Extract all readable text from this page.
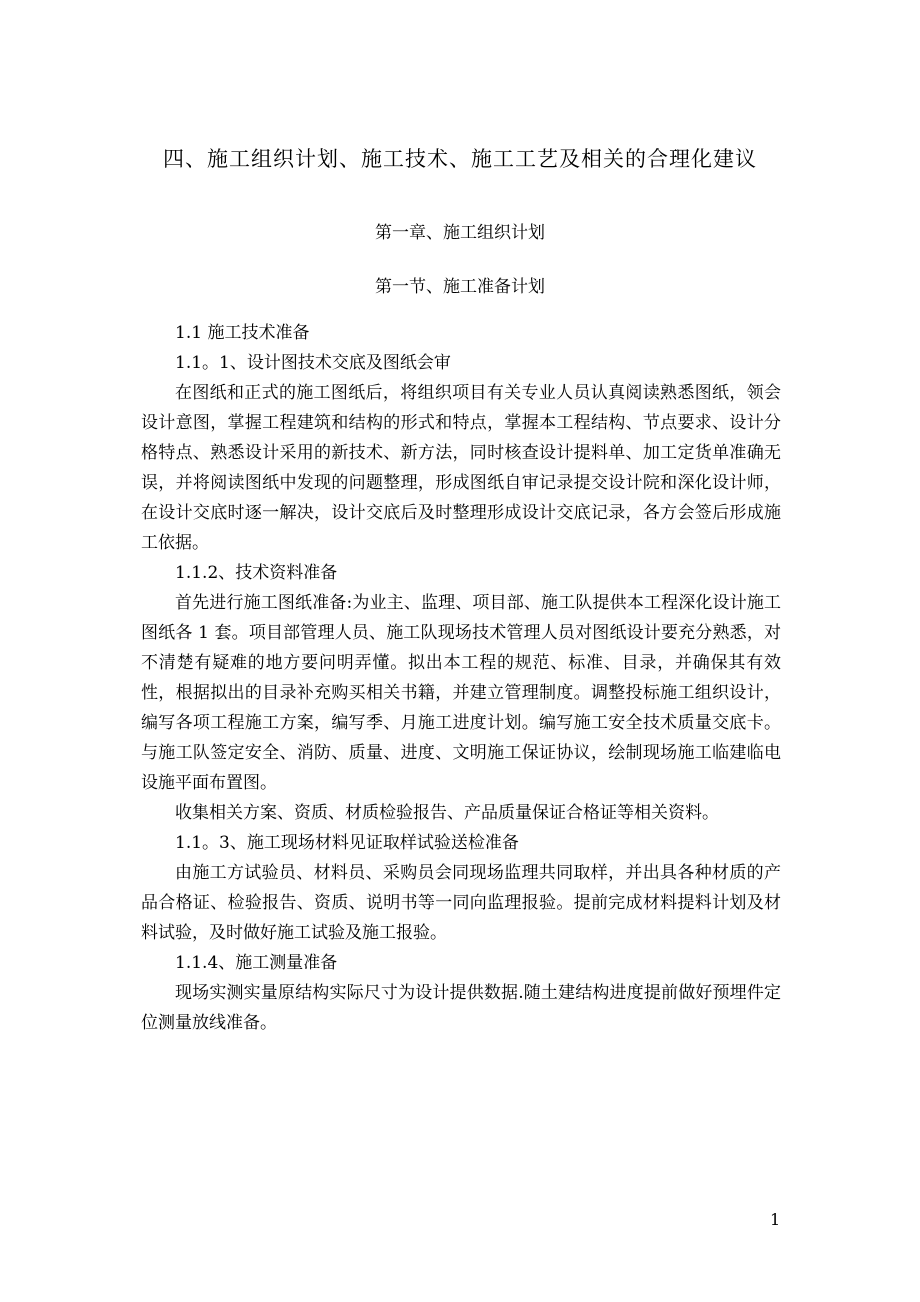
四、施工组织计划、施工技术、施工工艺及相关的合理化建议
第一章、施工组织计划
第一节、施工准备计划

1.1 施工技术准备

1.1。1、设计图技术交底及图纸会审

在图纸和正式的施工图纸后，将组织项目有关专业人员认真阅读熟悉图纸，领会设计意图，掌握工程建筑和结构的形式和特点，掌握本工程结构、节点要求、设计分格特点、熟悉设计采用的新技术、新方法，同时核查设计提料单、加工定货单准确无误，并将阅读图纸中发现的问题整理，形成图纸自审记录提交设计院和深化设计师，在设计交底时逐一解决，设计交底后及时整理形成设计交底记录，各方会签后形成施工依据。

1.1.2、技术资料准备

首先进行施工图纸准备:为业主、监理、项目部、施工队提供本工程深化设计施工图纸各 1 套。项目部管理人员、施工队现场技术管理人员对图纸设计要充分熟悉，对不清楚有疑难的地方要问明弄懂。拟出本工程的规范、标准、目录，并确保其有效性，根据拟出的目录补充购买相关书籍，并建立管理制度。调整投标施工组织设计，编写各项工程施工方案，编写季、月施工进度计划。编写施工安全技术质量交底卡。与施工队签定安全、消防、质量、进度、文明施工保证协议，绘制现场施工临建临电设施平面布置图。

收集相关方案、资质、材质检验报告、产品质量保证合格证等相关资料。

1.1。3、施工现场材料见证取样试验送检准备

由施工方试验员、材料员、采购员会同现场监理共同取样，并出具各种材质的产品合格证、检验报告、资质、说明书等一同向监理报验。提前完成材料提料计划及材料试验，及时做好施工试验及施工报验。

1.1.4、施工测量准备

现场实测实量原结构实际尺寸为设计提供数据.随土建结构进度提前做好预埋件定位测量放线准备。

1
